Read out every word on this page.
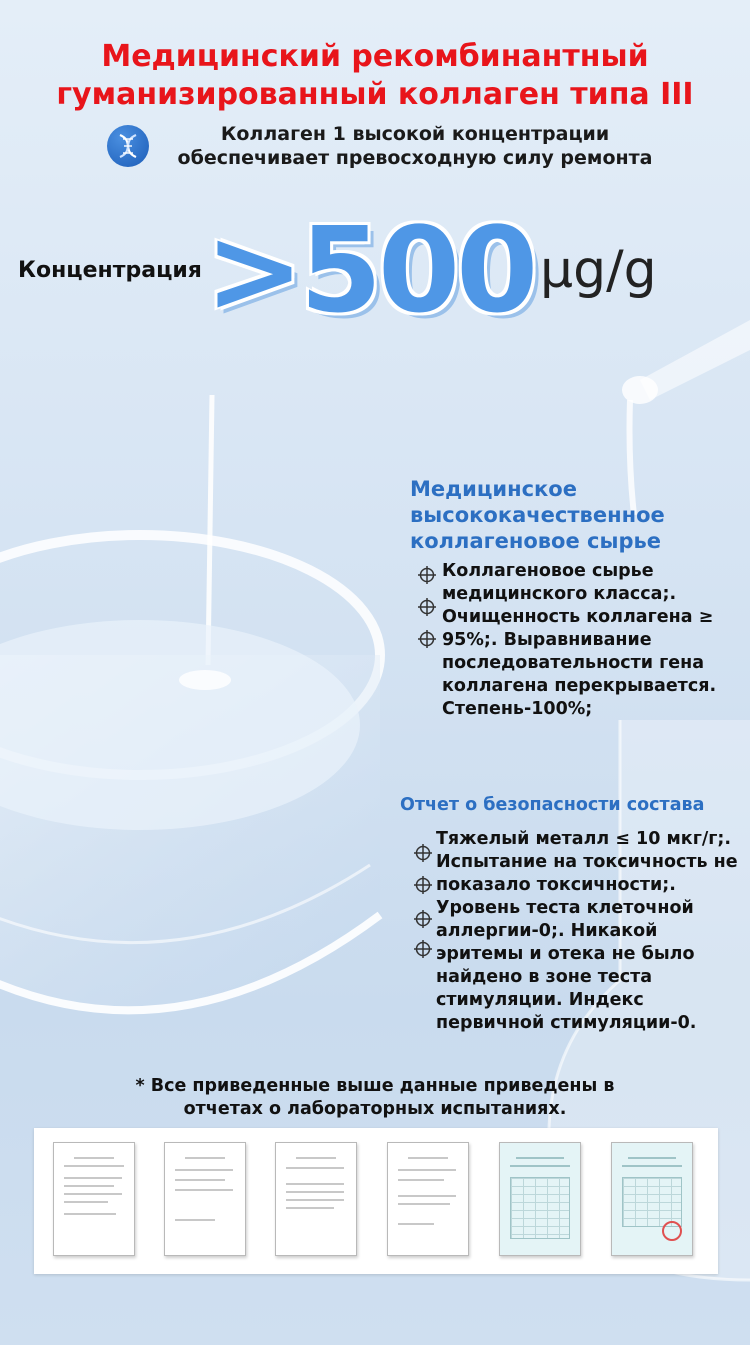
Медицинский рекомбинантный
гуманизированный коллаген типа III
Коллаген 1 высокой концентрации
обеспечивает превосходную силу ремонта
Концентрация >500 μg/g
Медицинское
высококачественное
коллагеновое сырье
Коллагеновое сырье
медицинского класса;.
Очищенность коллагена ≥
95%;. Выравнивание
последовательности гена
коллагена перекрывается.
Степень-100%;
Отчет о безопасности состава
Тяжелый металл ≤ 10 мкг/г;.
Испытание на токсичность не
показало токсичности;.
Уровень теста клеточной
аллергии-0;. Никакой
эритемы и отека не было
найдено в зоне теста
стимуляции. Индекс
первичной стимуляции-0.
* Все приведенные выше данные приведены в
отчетах о лабораторных испытаниях.
